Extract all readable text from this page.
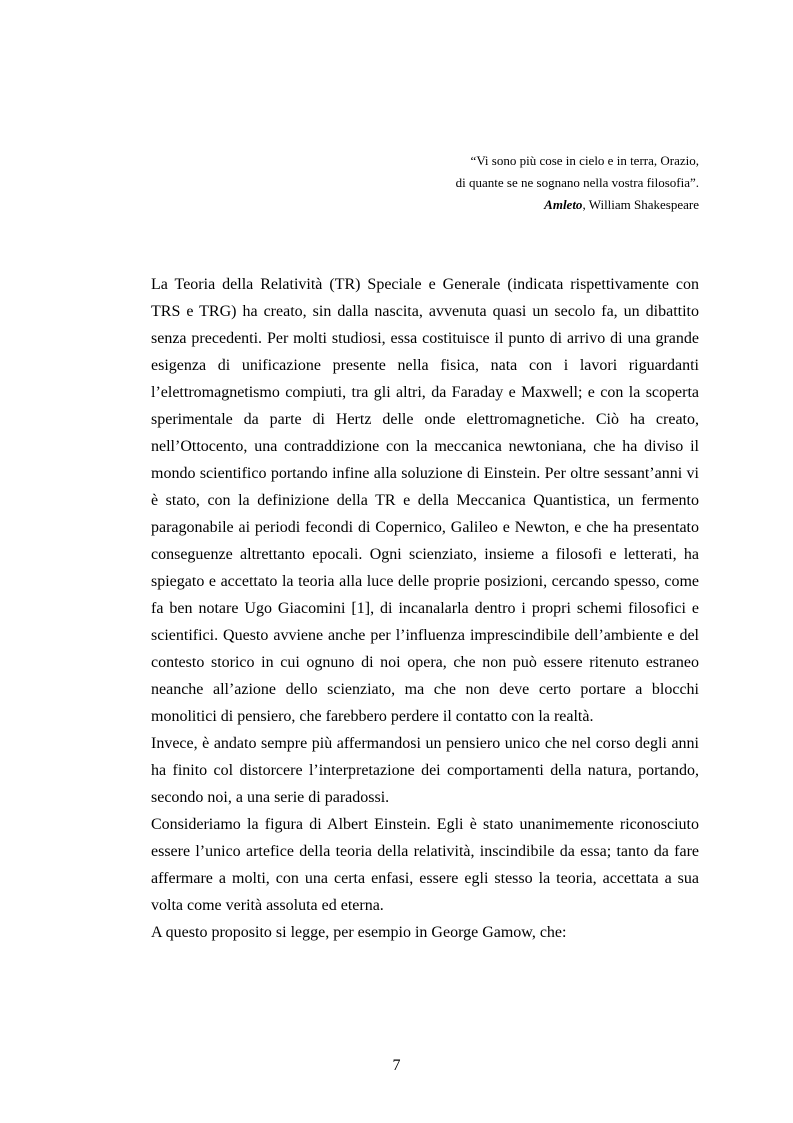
“Vi sono più cose in cielo e in terra, Orazio,
di quante se ne sognano nella vostra filosofia”.
Amleto, William Shakespeare
La Teoria della Relatività (TR) Speciale e Generale (indicata rispettivamente con
TRS e TRG) ha creato, sin dalla nascita, avvenuta quasi un secolo fa, un dibattito
senza precedenti. Per molti studiosi, essa costituisce il punto di arrivo di una grande
esigenza di unificazione presente nella fisica, nata con i lavori riguardanti
l’elettromagnetismo compiuti, tra gli altri, da Faraday e Maxwell; e con la scoperta
sperimentale da parte di Hertz delle onde elettromagnetiche. Ciò ha creato,
nell’Ottocento, una contraddizione con la meccanica newtoniana, che ha diviso il
mondo scientifico portando infine alla soluzione di Einstein. Per oltre sessant’anni vi
è stato, con la definizione della TR e della Meccanica Quantistica, un fermento
paragonabile ai periodi fecondi di Copernico, Galileo e Newton, e che ha presentato
conseguenze altrettanto epocali. Ogni scienziato, insieme a filosofi e letterati, ha
spiegato e accettato la teoria alla luce delle proprie posizioni, cercando spesso, come
fa ben notare Ugo Giacomini [1], di incanalarla dentro i propri schemi filosofici e
scientifici. Questo avviene anche per l’influenza imprescindibile dell’ambiente e del
contesto storico in cui ognuno di noi opera, che non può essere ritenuto estraneo
neanche all’azione dello scienziato, ma che non deve certo portare a blocchi
monolitici di pensiero, che farebbero perdere il contatto con la realtà.
Invece, è andato sempre più affermandosi un pensiero unico che nel corso degli anni
ha finito col distorcere l’interpretazione dei comportamenti della natura, portando,
secondo noi, a una serie di paradossi.
Consideriamo la figura di Albert Einstein. Egli è stato unanimemente riconosciuto
essere l’unico artefice della teoria della relatività, inscindibile da essa; tanto da fare
affermare a molti, con una certa enfasi, essere egli stesso la teoria, accettata a sua
volta come verità assoluta ed eterna.
A questo proposito si legge, per esempio in George Gamow, che:
7
